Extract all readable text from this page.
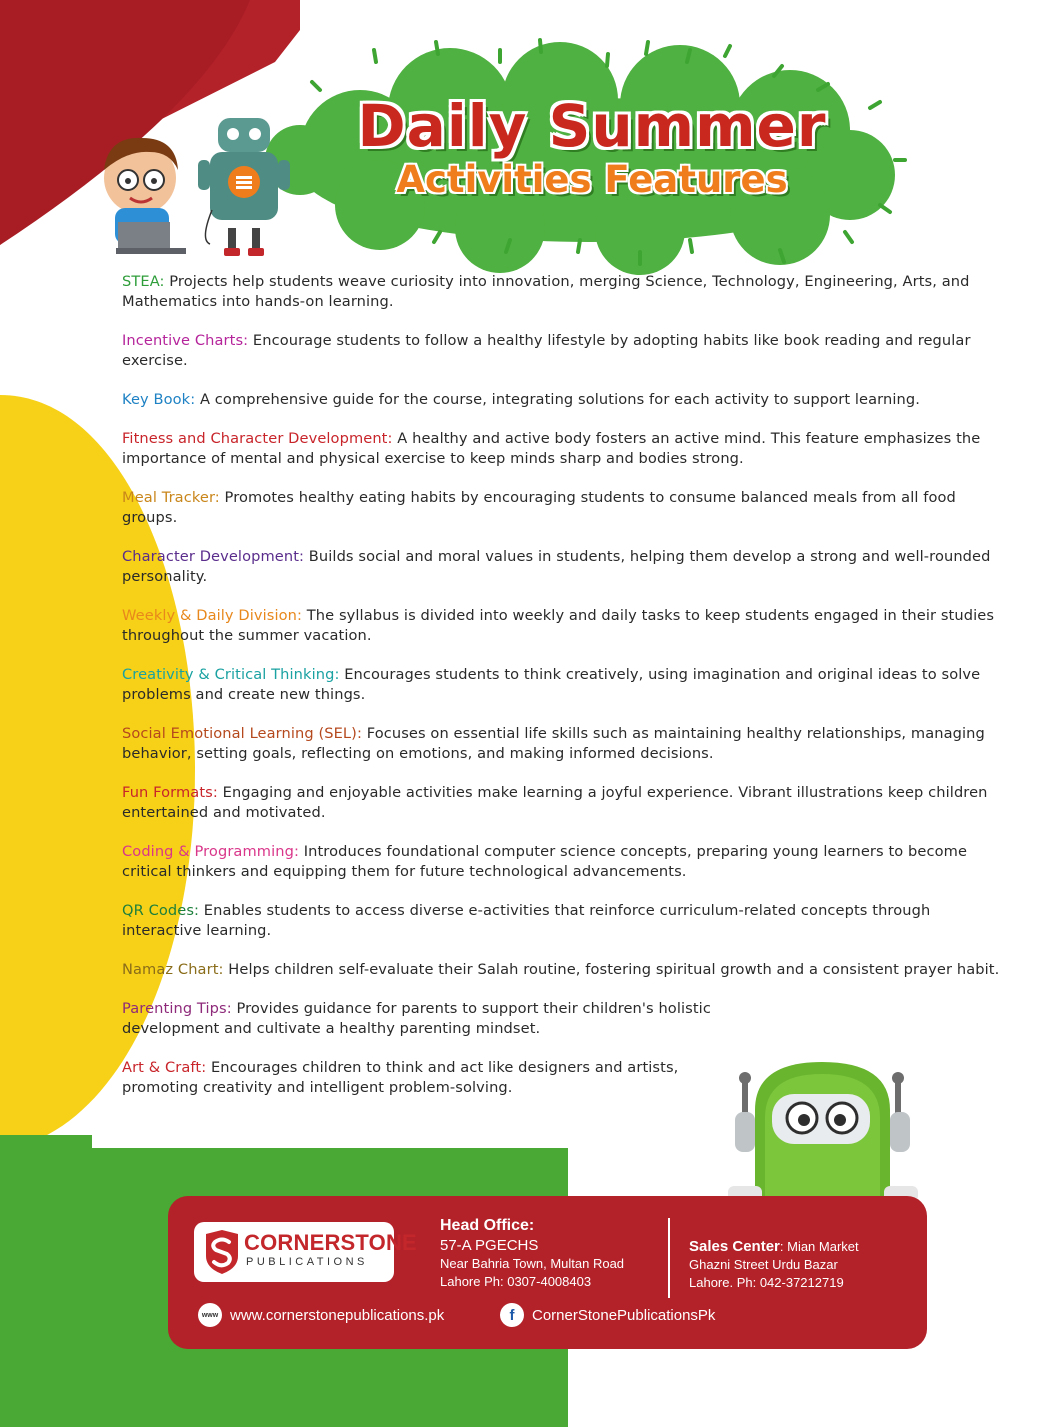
Daily Summer
Activities Features

STEA: Projects help students weave curiosity into innovation, merging Science, Technology, Engineering, Arts, and Mathematics into hands-on learning.

Incentive Charts: Encourage students to follow a healthy lifestyle by adopting habits like book reading and regular exercise.

Key Book: A comprehensive guide for the course, integrating solutions for each activity to support learning.

Fitness and Character Development: A healthy and active body fosters an active mind. This feature emphasizes the importance of mental and physical exercise to keep minds sharp and bodies strong.

Meal Tracker: Promotes healthy eating habits by encouraging students to consume balanced meals from all food groups.

Character Development: Builds social and moral values in students, helping them develop a strong and well-rounded personality.

Weekly & Daily Division: The syllabus is divided into weekly and daily tasks to keep students engaged in their studies throughout the summer vacation.

Creativity & Critical Thinking: Encourages students to think creatively, using imagination and original ideas to solve problems and create new things.

Social Emotional Learning (SEL): Focuses on essential life skills such as maintaining healthy relationships, managing behavior, setting goals, reflecting on emotions, and making informed decisions.

Fun Formats: Engaging and enjoyable activities make learning a joyful experience. Vibrant illustrations keep children entertained and motivated.

Coding & Programming: Introduces foundational computer science concepts, preparing young learners to become critical thinkers and equipping them for future technological advancements.

QR Codes: Enables students to access diverse e-activities that reinforce curriculum-related concepts through interactive learning.

Namaz Chart: Helps children self-evaluate their Salah routine, fostering spiritual growth and a consistent prayer habit.

Parenting Tips: Provides guidance for parents to support their children's holistic development and cultivate a healthy parenting mindset.

Art & Craft: Encourages children to think and act like designers and artists, promoting creativity and intelligent problem-solving.

CORNERSTONE
PUBLICATIONS
Head Office:
57-A PGECHS
Near Bahria Town, Multan Road
Lahore Ph: 0307-4008403
Sales Center: Mian Market
Ghazni Street Urdu Bazar
Lahore. Ph: 042-37212719
www www.cornerstonepublications.pk	f	CornerStonePublicationsPk
